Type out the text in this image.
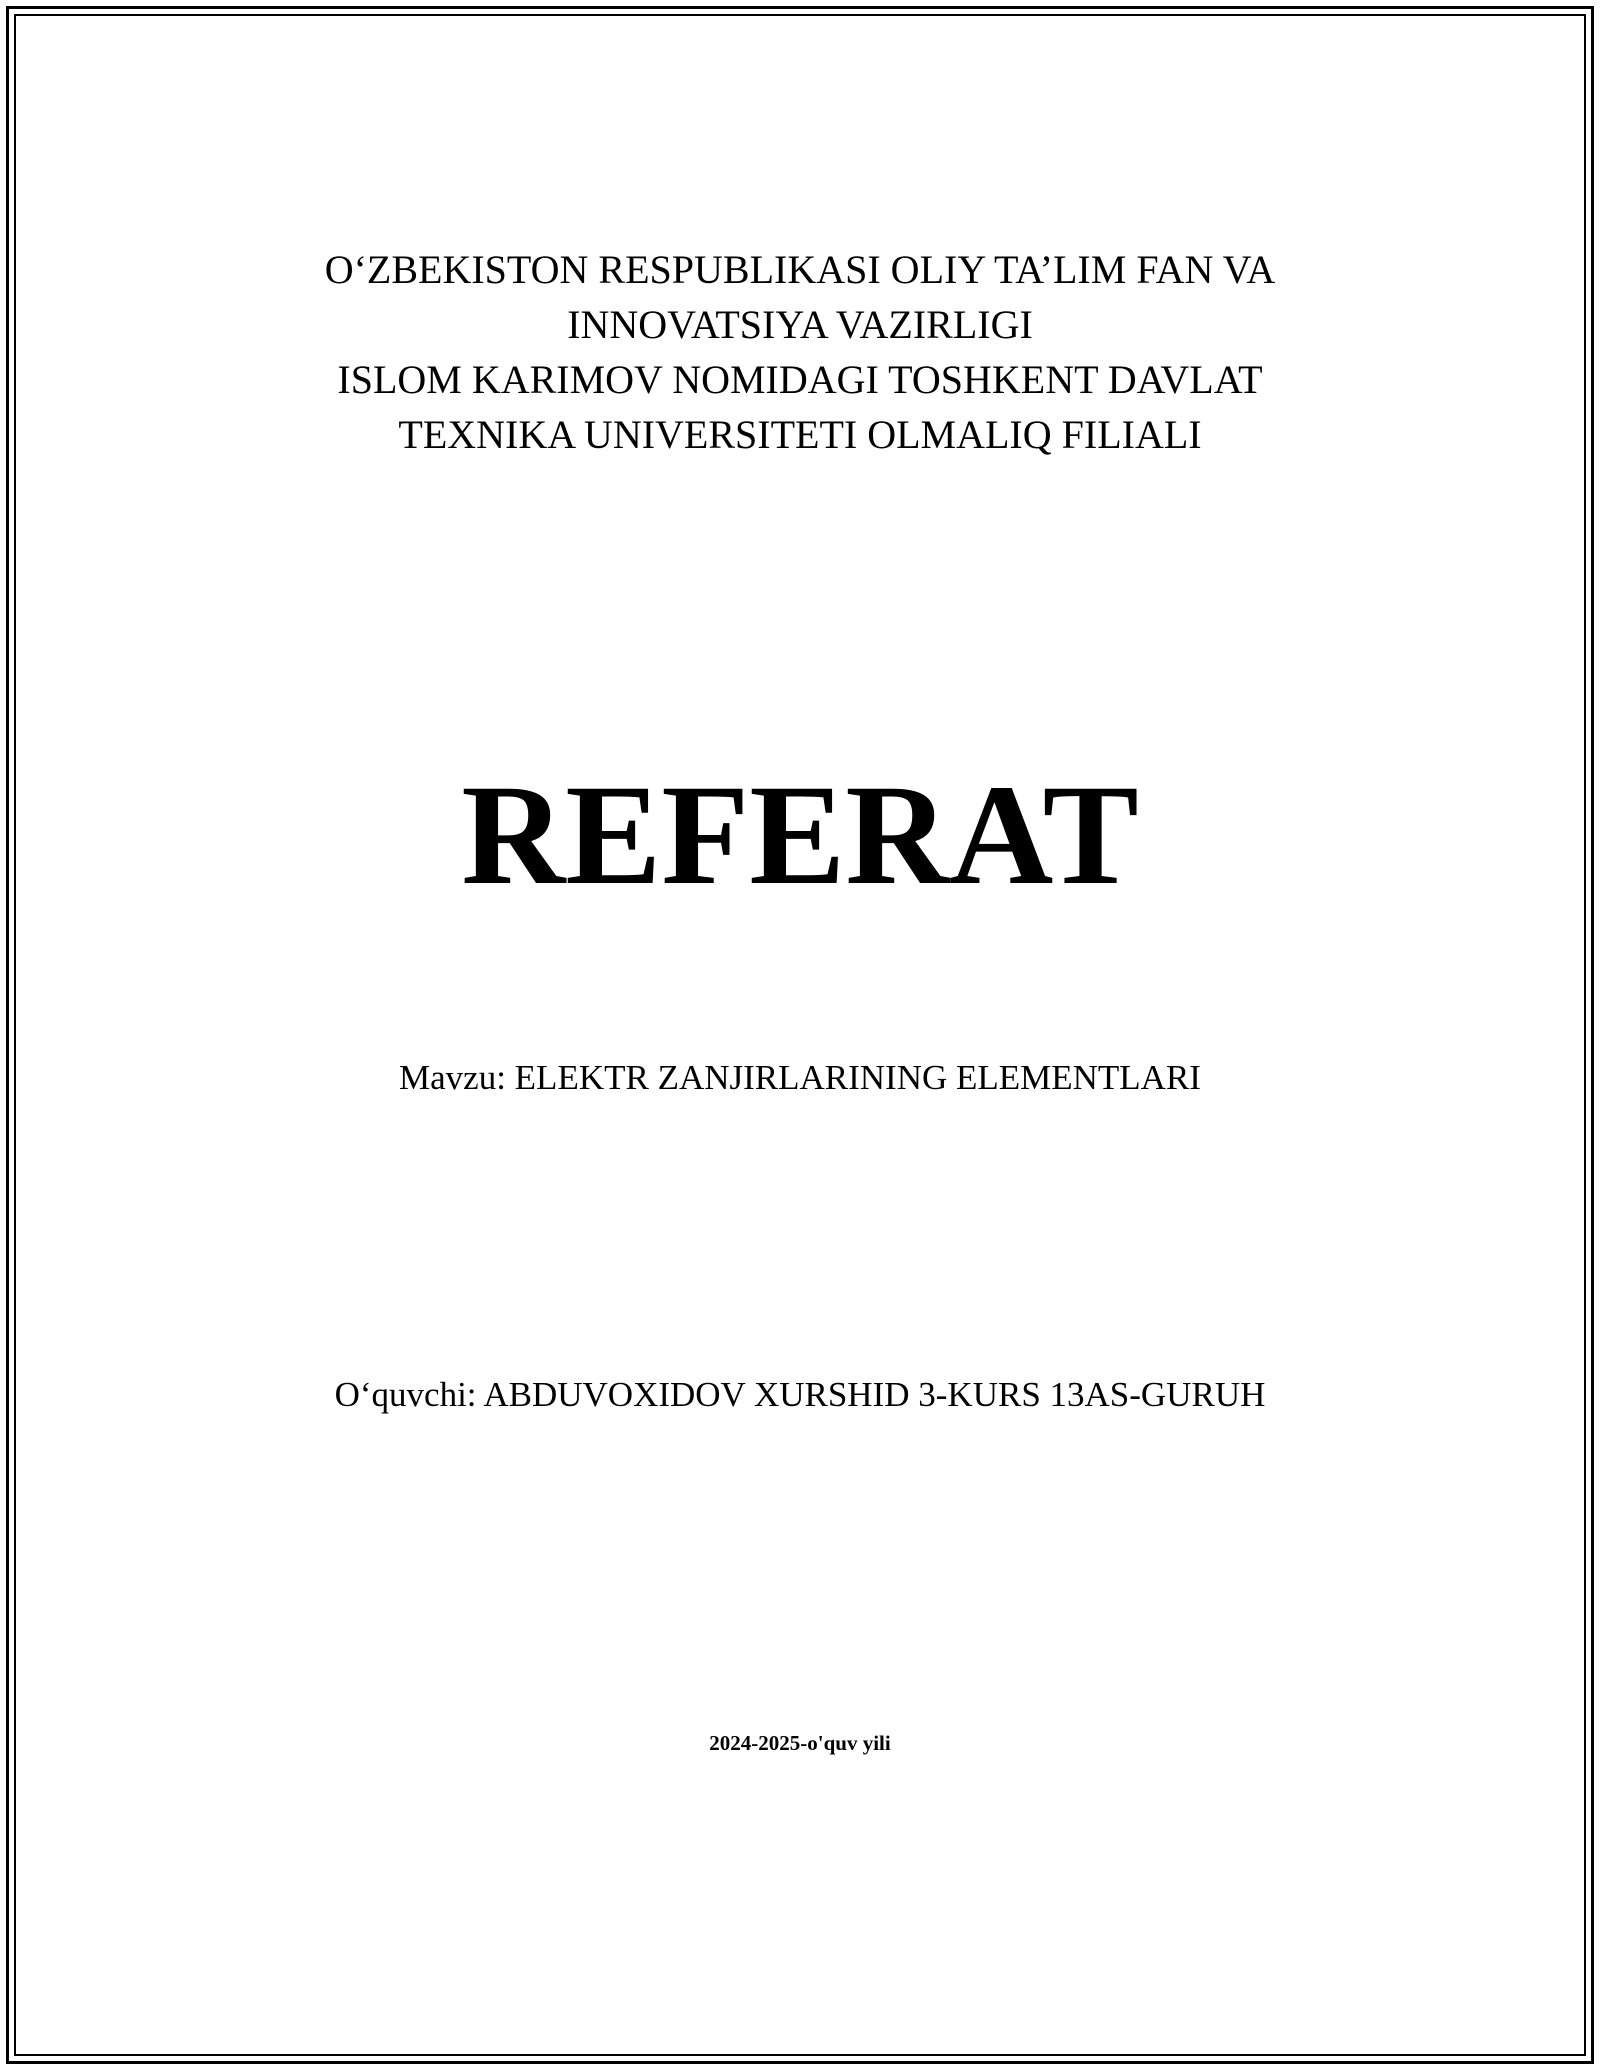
O‘ZBEKISTON RESPUBLIKASI OLIY TA’LIM FAN VA
INNOVATSIYA VAZIRLIGI
ISLOM KARIMOV NOMIDAGI TOSHKENT DAVLAT
TEXNIKA UNIVERSITETI OLMALIQ FILIALI
REFERAT
Mavzu: ELEKTR ZANJIRLARINING ELEMENTLARI
O‘quvchi: ABDUVOXIDOV XURSHID 3-KURS 13AS-GURUH
2024-2025-o'quv yili
